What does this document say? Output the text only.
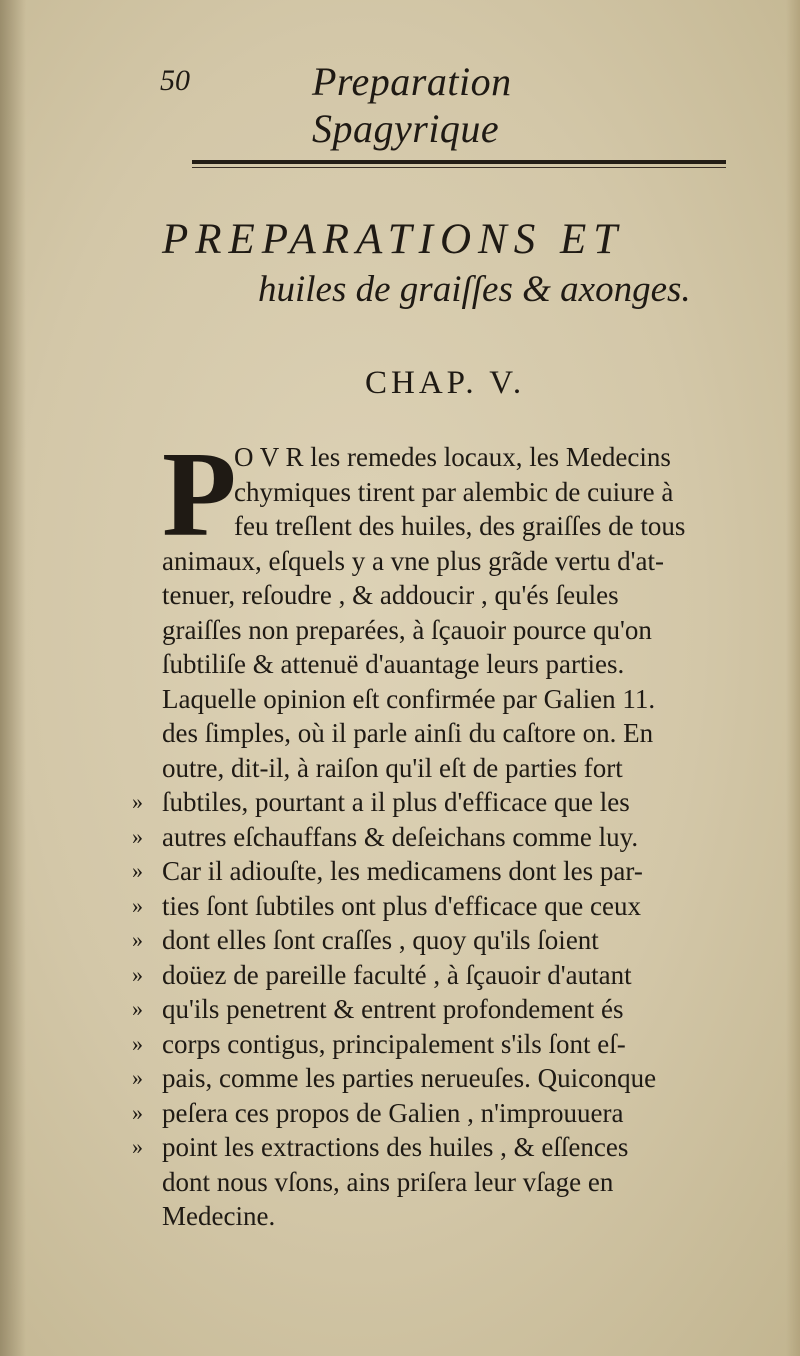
50	Preparation Spagyrique
PREPARATIONS ET
huiles de graiſſes & axonges.
CHAP. V.
P
O V R les remedes locaux, les Medecins
chymiques tirent par alembic de cuiure à
feu treſlent des huiles, des graiſſes de tous
animaux, eſquels y a vne plus grãde vertu d'at-
tenuer, reſoudre , & addoucir , qu'és ſeules
graiſſes non preparées, à ſçauoir pource qu'on
ſubtiliſe & attenuë d'auantage leurs parties.
Laquelle opinion eſt confirmée par Galien 11.
des ſimples, où il parle ainſi du caſtore on. En
outre, dit-il, à raiſon qu'il eſt de parties fort
» ſubtiles, pourtant a il plus d'efficace que les
» autres eſchauffans & deſeichans comme luy.
» Car il adiouſte, les medicamens dont les par-
» ties ſont ſubtiles ont plus d'efficace que ceux
» dont elles ſont craſſes , quoy qu'ils ſoient
» doüez de pareille faculté , à ſçauoir d'autant
» qu'ils penetrent & entrent profondement és
» corps contigus, principalement s'ils ſont eſ-
» pais, comme les parties nerueuſes. Quiconque
» peſera ces propos de Galien , n'improuuera
» point les extractions des huiles , & eſſences
dont nous vſons, ains priſera leur vſage en
Medecine.
